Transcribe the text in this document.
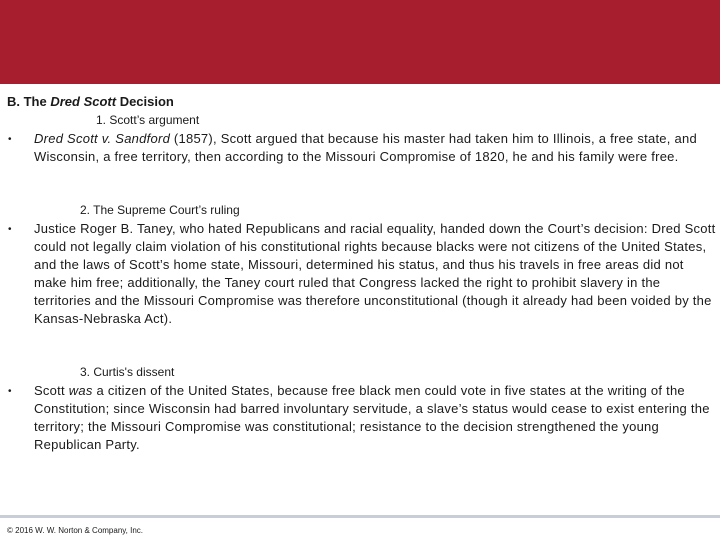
B. The Dred Scott Decision
1. Scott’s argument
• Dred Scott v. Sandford (1857), Scott argued that because his master had taken him to Illinois, a free state, and Wisconsin, a free territory, then according to the Missouri Compromise of 1820, he and his family were free.
2. The Supreme Court’s ruling
• Justice Roger B. Taney, who hated Republicans and racial equality, handed down the Court’s decision: Dred Scott could not legally claim violation of his constitutional rights because blacks were not citizens of the United States, and the laws of Scott’s home state, Missouri, determined his status, and thus his travels in free areas did not make him free; additionally, the Taney court ruled that Congress lacked the right to prohibit slavery in the territories and the Missouri Compromise was therefore unconstitutional (though it already had been voided by the Kansas-Nebraska Act).
3. Curtis's dissent
• Scott was a citizen of the United States, because free black men could vote in five states at the writing of the Constitution; since Wisconsin had barred involuntary servitude, a slave’s status would cease to exist entering the territory; the Missouri Compromise was constitutional; resistance to the decision strengthened the young Republican Party.
© 2016 W. W. Norton & Company, Inc.
